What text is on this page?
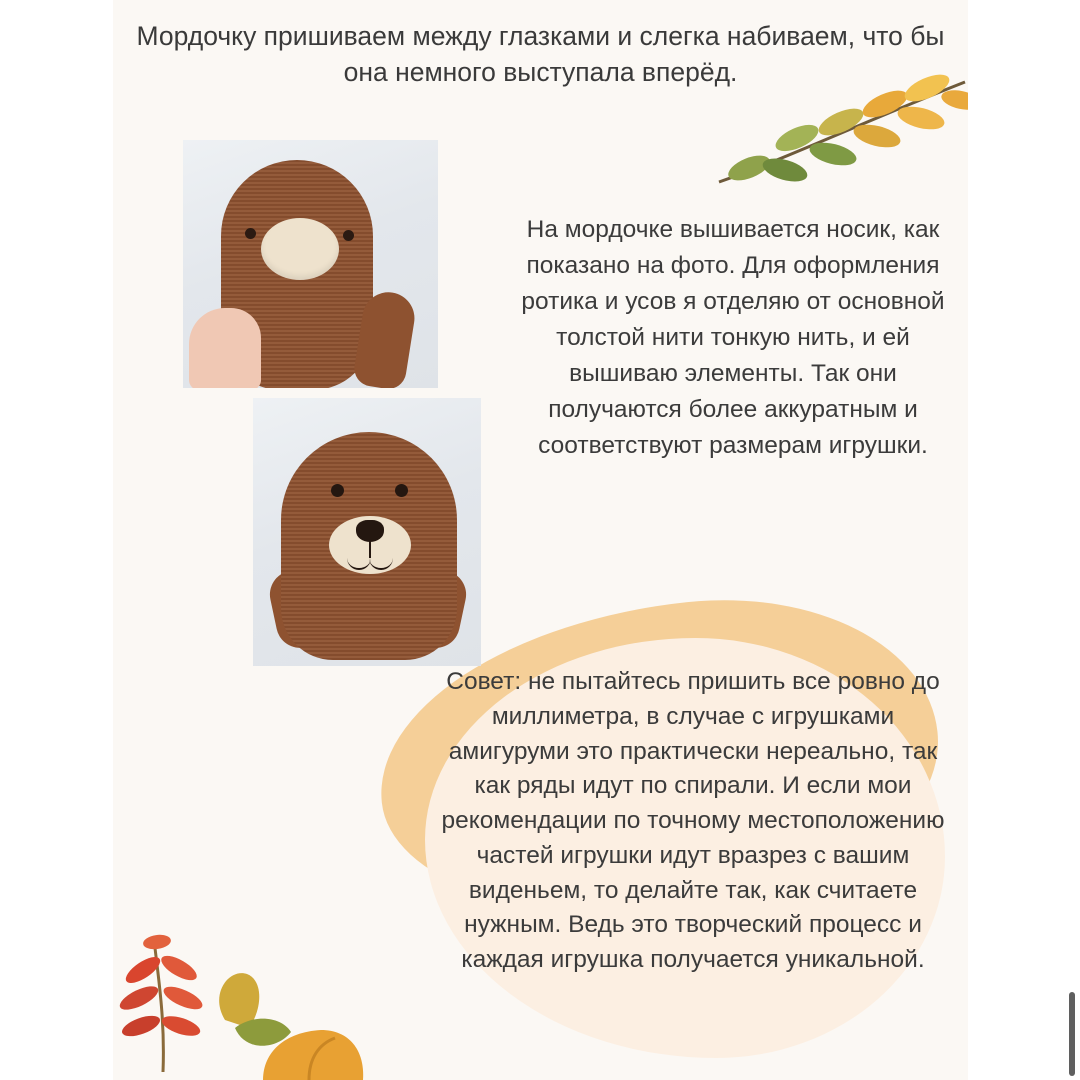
Мордочку пришиваем между глазками и слегка набиваем, что бы она немного выступала вперёд.
На мордочке вышивается носик, как показано на фото. Для оформления ротика и усов я отделяю от основной толстой нити тонкую нить, и ей вышиваю элементы. Так они получаются более аккуратным и соответствуют размерам игрушки.
Совет: не пытайтесь пришить все ровно до миллиметра, в случае с игрушками амигуруми это практически нереально, так как ряды идут по спирали. И если мои рекомендации по точному местоположению частей игрушки идут вразрез с вашим виденьем, то делайте так, как считаете нужным. Ведь это творческий процесс и каждая игрушка получается уникальной.
